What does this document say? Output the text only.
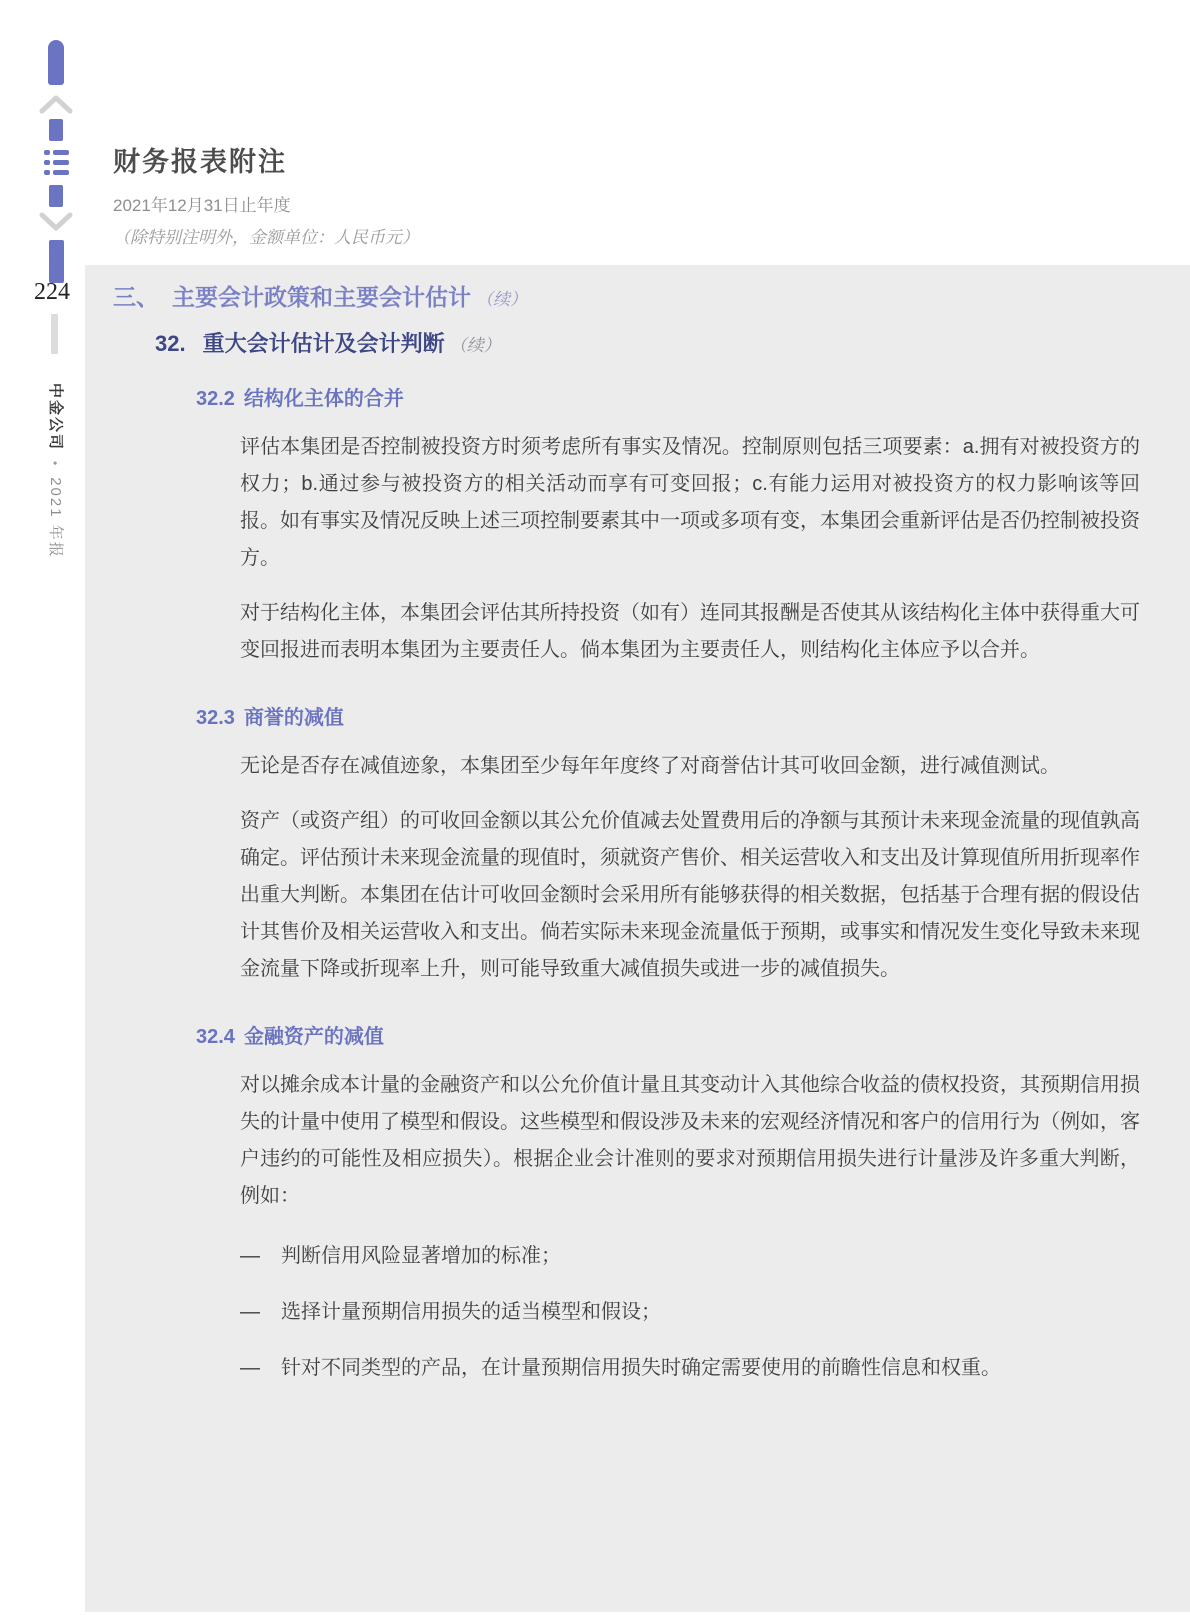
224
中金公司•2021 年报
财务报表附注
2021年12月31日止年度
（除特别注明外，金额单位：人民币元）
三、 主要会计政策和主要会计估计 （续）
32. 重大会计估计及会计判断 （续）
32.2 结构化主体的合并

评估本集团是否控制被投资方时须考虑所有事实及情况。控制原则包括三项要素：a.拥有对被投资方的权力；b.通过参与被投资方的相关活动而享有可变回报；c.有能力运用对被投资方的权力影响该等回报。如有事实及情况反映上述三项控制要素其中一项或多项有变，本集团会重新评估是否仍控制被投资方。

对于结构化主体，本集团会评估其所持投资（如有）连同其报酬是否使其从该结构化主体中获得重大可变回报进而表明本集团为主要责任人。倘本集团为主要责任人，则结构化主体应予以合并。

32.3 商誉的减值

无论是否存在减值迹象，本集团至少每年年度终了对商誉估计其可收回金额，进行减值测试。

资产（或资产组）的可收回金额以其公允价值减去处置费用后的净额与其预计未来现金流量的现值孰高确定。评估预计未来现金流量的现值时，须就资产售价、相关运营收入和支出及计算现值所用折现率作出重大判断。本集团在估计可收回金额时会采用所有能够获得的相关数据，包括基于合理有据的假设估计其售价及相关运营收入和支出。倘若实际未来现金流量低于预期，或事实和情况发生变化导致未来现金流量下降或折现率上升，则可能导致重大减值损失或进一步的减值损失。

32.4 金融资产的减值

对以摊余成本计量的金融资产和以公允价值计量且其变动计入其他综合收益的债权投资，其预期信用损失的计量中使用了模型和假设。这些模型和假设涉及未来的宏观经济情况和客户的信用行为（例如，客户违约的可能性及相应损失）。根据企业会计准则的要求对预期信用损失进行计量涉及许多重大判断，例如：

—	判断信用风险显著增加的标准；
—	选择计量预期信用损失的适当模型和假设；
—	针对不同类型的产品，在计量预期信用损失时确定需要使用的前瞻性信息和权重。
